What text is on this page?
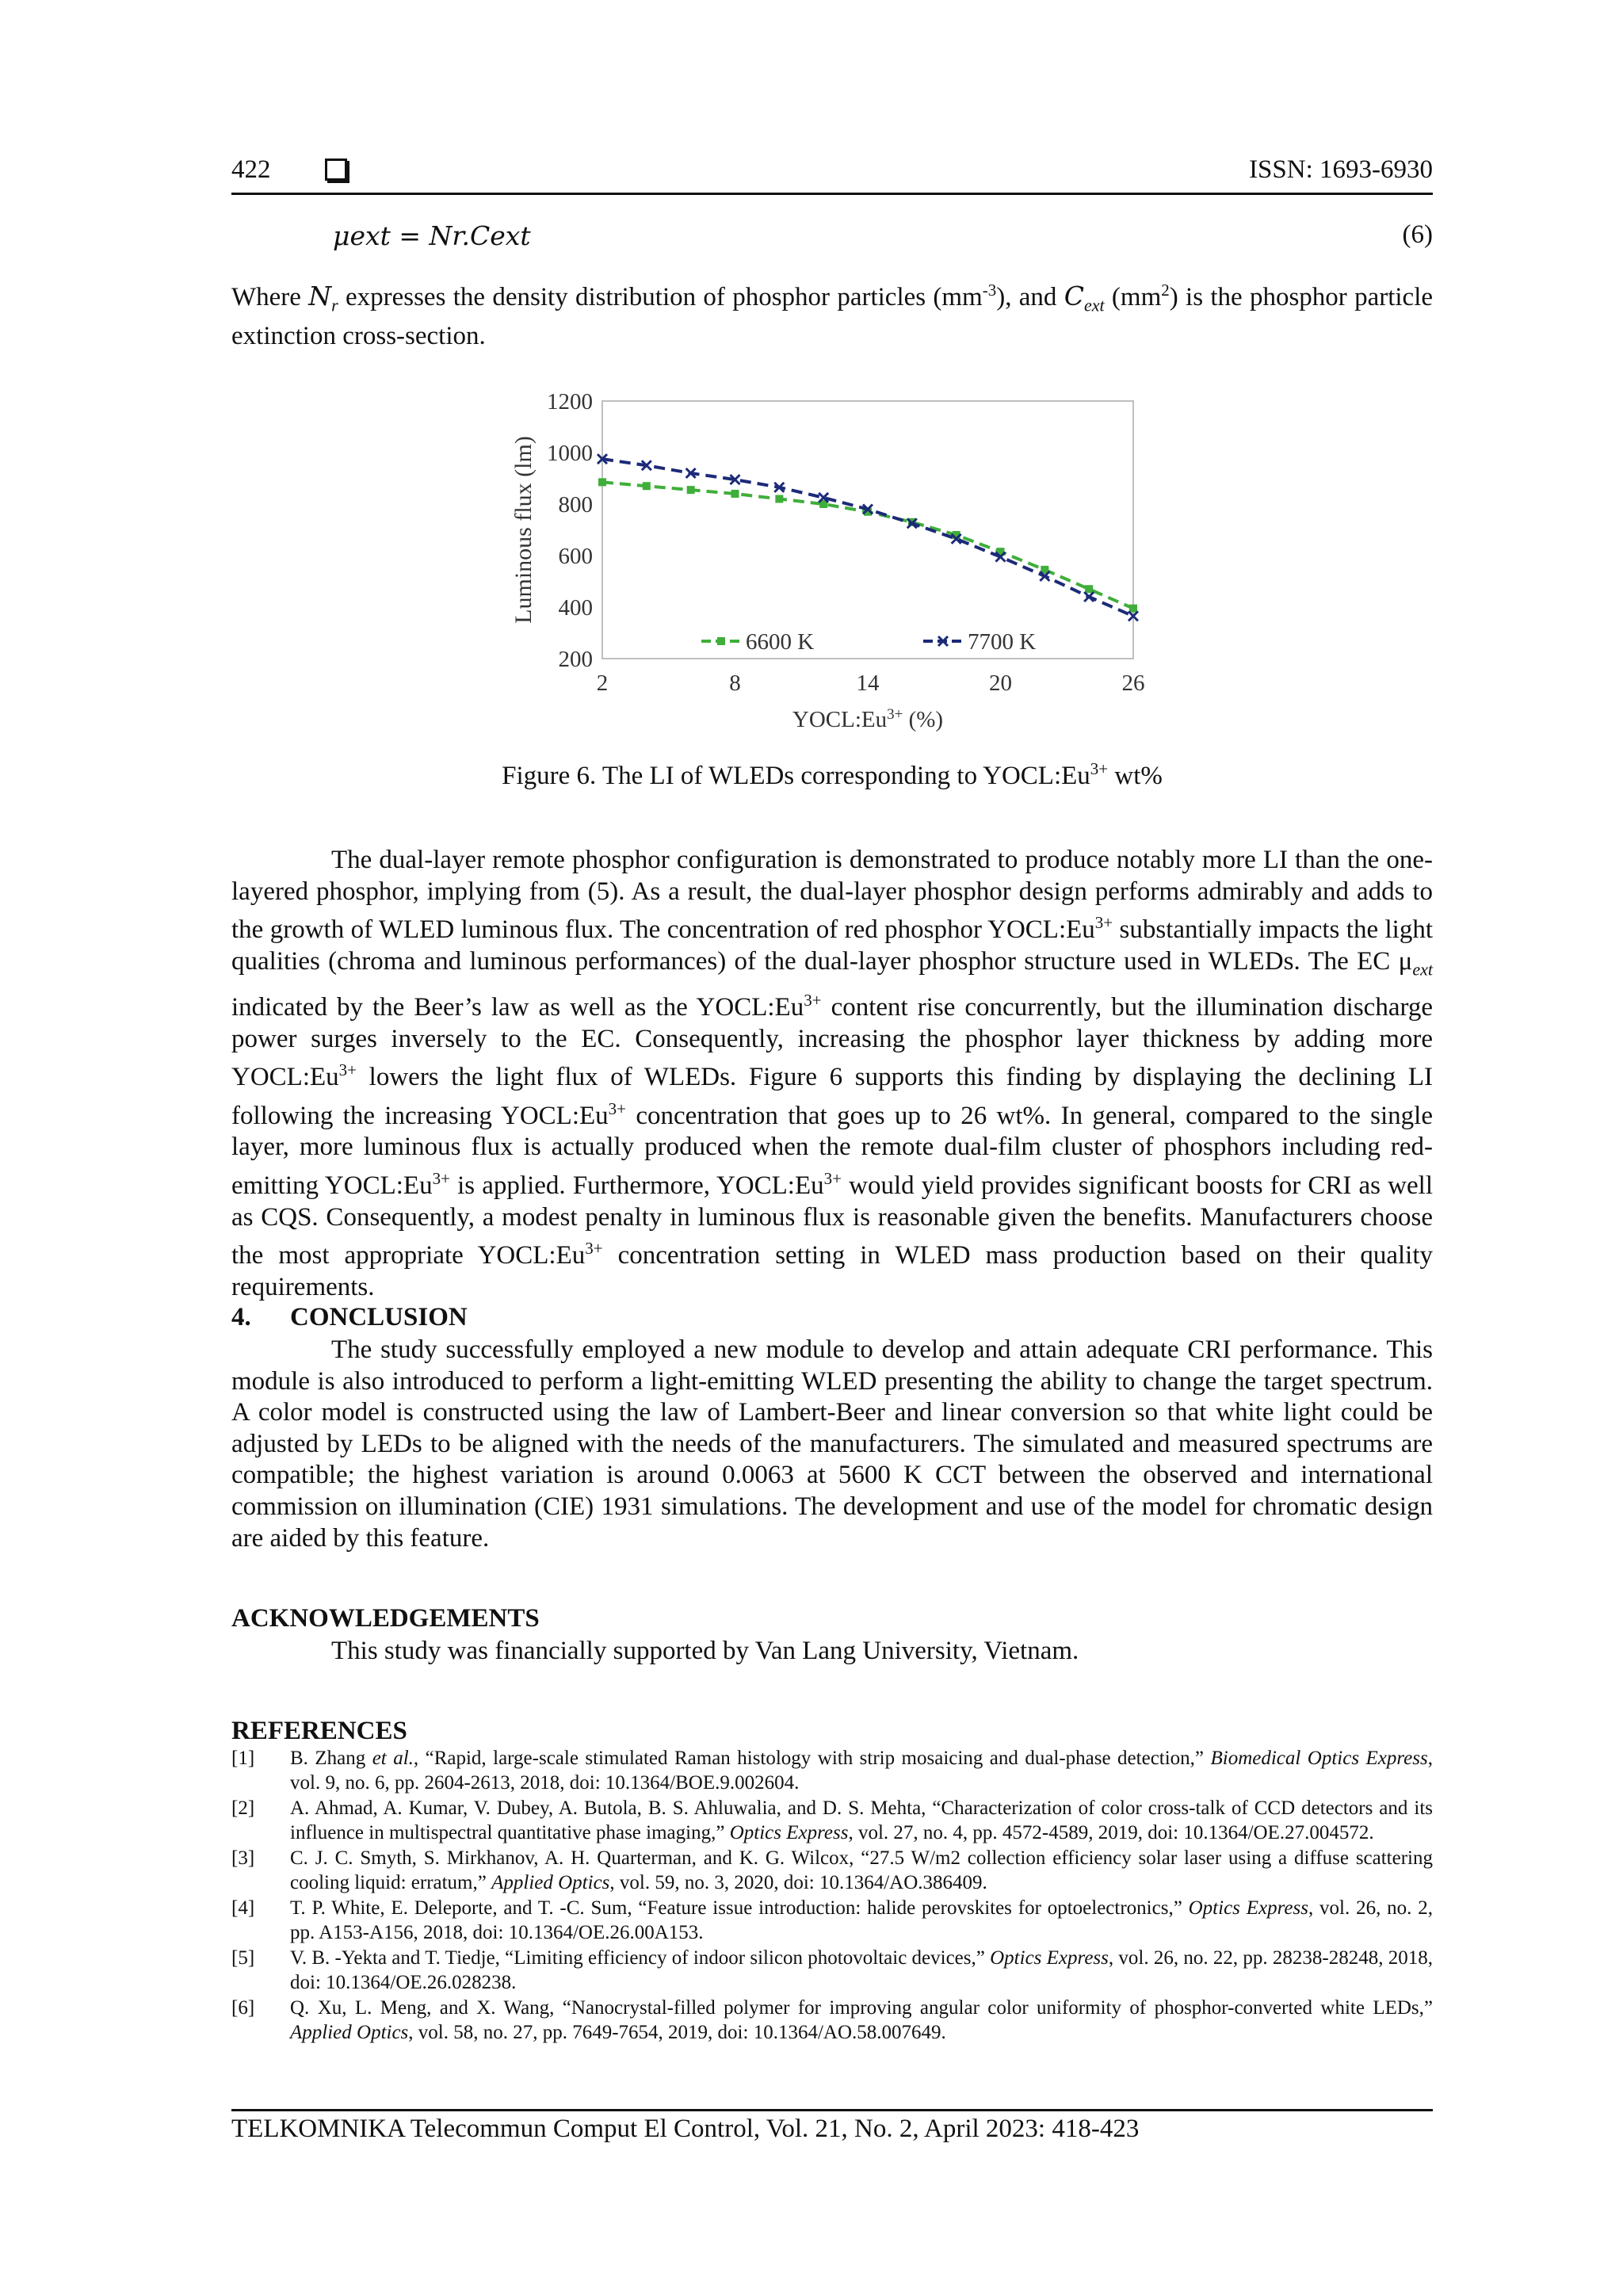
422	ISSN: 1693-6930
μext = Nr.Cext	(6)
Where $N_r$ expresses the density distribution of phosphor particles $(mm^{-3})$, and $C_{ext}$ $(mm^2)$ is the phosphor particle extinction cross-section.
1200
1000
800
600
400
200
2	8	14	20	26
$YOCL:Eu^{3+}$ (%)
Luminous flux (lm)
6600 K	7700 K
Figure 6. The LI of WLEDs corresponding to $YOCL:Eu^{3+}$ wt%
The dual-layer remote phosphor configuration is demonstrated to produce notably more LI than the one-layered phosphor, implying from (5). As a result, the dual-layer phosphor design performs admirably and adds to the growth of WLED luminous flux. The concentration of red phosphor $YOCL:Eu^{3+}$ substantially impacts the light qualities (chroma and luminous performances) of the dual-layer phosphor structure used in WLEDs. The EC $\mu_{ext}$ indicated by the Beer’s law as well as the $YOCL:Eu^{3+}$ content rise concurrently, but the illumination discharge power surges inversely to the EC. Consequently, increasing the phosphor layer thickness by adding more $YOCL:Eu^{3+}$ lowers the light flux of WLEDs. Figure 6 supports this finding by displaying the declining LI following the increasing $YOCL:Eu^{3+}$ concentration that goes up to 26 wt%. In general, compared to the single layer, more luminous flux is actually produced when the remote dual-film cluster of phosphors including red-emitting $YOCL:Eu^{3+}$ is applied. Furthermore, $YOCL:Eu^{3+}$ would yield provides significant boosts for CRI as well as CQS. Consequently, a modest penalty in luminous flux is reasonable given the benefits. Manufacturers choose the most appropriate $YOCL:Eu^{3+}$ concentration setting in WLED mass production based on their quality requirements.
4. CONCLUSION
The study successfully employed a new module to develop and attain adequate CRI performance. This module is also introduced to perform a light-emitting WLED presenting the ability to change the target spectrum. A color model is constructed using the law of Lambert-Beer and linear conversion so that white light could be adjusted by LEDs to be aligned with the needs of the manufacturers. The simulated and measured spectrums are compatible; the highest variation is around 0.0063 at 5600 K CCT between the observed and international commission on illumination (CIE) 1931 simulations. The development and use of the model for chromatic design are aided by this feature.
ACKNOWLEDGEMENTS
This study was financially supported by Van Lang University, Vietnam.
REFERENCES
[1] B. Zhang et al., “Rapid, large-scale stimulated Raman histology with strip mosaicing and dual-phase detection,” Biomedical Optics Express, vol. 9, no. 6, pp. 2604-2613, 2018, doi: 10.1364/BOE.9.002604.
[2] A. Ahmad, A. Kumar, V. Dubey, A. Butola, B. S. Ahluwalia, and D. S. Mehta, “Characterization of color cross-talk of CCD detectors and its influence in multispectral quantitative phase imaging,” Optics Express, vol. 27, no. 4, pp. 4572-4589, 2019, doi: 10.1364/OE.27.004572.
[3] C. J. C. Smyth, S. Mirkhanov, A. H. Quarterman, and K. G. Wilcox, “27.5 W/m2 collection efficiency solar laser using a diffuse scattering cooling liquid: erratum,” Applied Optics, vol. 59, no. 3, 2020, doi: 10.1364/AO.386409.
[4] T. P. White, E. Deleporte, and T. -C. Sum, “Feature issue introduction: halide perovskites for optoelectronics,” Optics Express, vol. 26, no. 2, pp. A153-A156, 2018, doi: 10.1364/OE.26.00A153.
[5] V. B. -Yekta and T. Tiedje, “Limiting efficiency of indoor silicon photovoltaic devices,” Optics Express, vol. 26, no. 22, pp. 28238-28248, 2018, doi: 10.1364/OE.26.028238.
[6] Q. Xu, L. Meng, and X. Wang, “Nanocrystal-filled polymer for improving angular color uniformity of phosphor-converted white LEDs,” Applied Optics, vol. 58, no. 27, pp. 7649-7654, 2019, doi: 10.1364/AO.58.007649.
TELKOMNIKA Telecommun Comput El Control, Vol. 21, No. 2, April 2023: 418-423
